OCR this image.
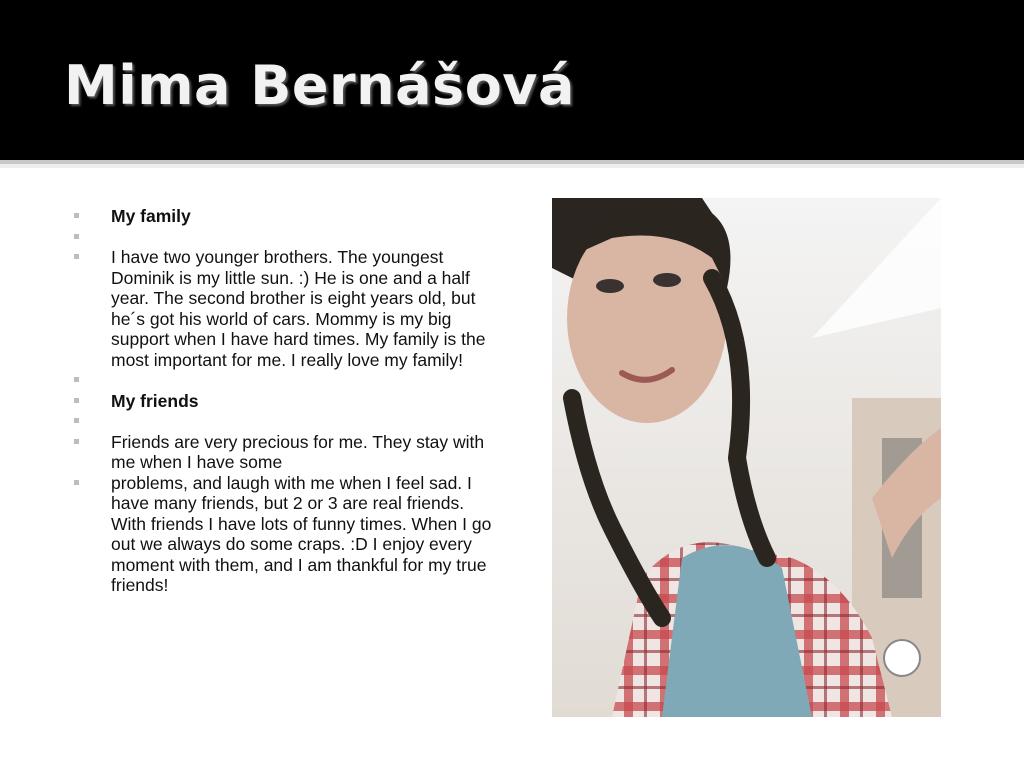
Mima Bernášová
My family
I have two younger brothers. The youngest Dominik is my little sun. :) He is one and a half year. The second brother is eight years old, but he´s got his world of cars. Mommy is my big support when I have hard times. My family is the most important for me. I really love my family!
My friends
Friends are very precious for me. They stay with me when I have some
problems, and laugh with me when I feel sad. I have many friends, but 2 or 3 are real friends. With friends I have lots of funny times. When I go out we always do some craps. :D I enjoy every moment with them, and I am thankful for my true friends!
